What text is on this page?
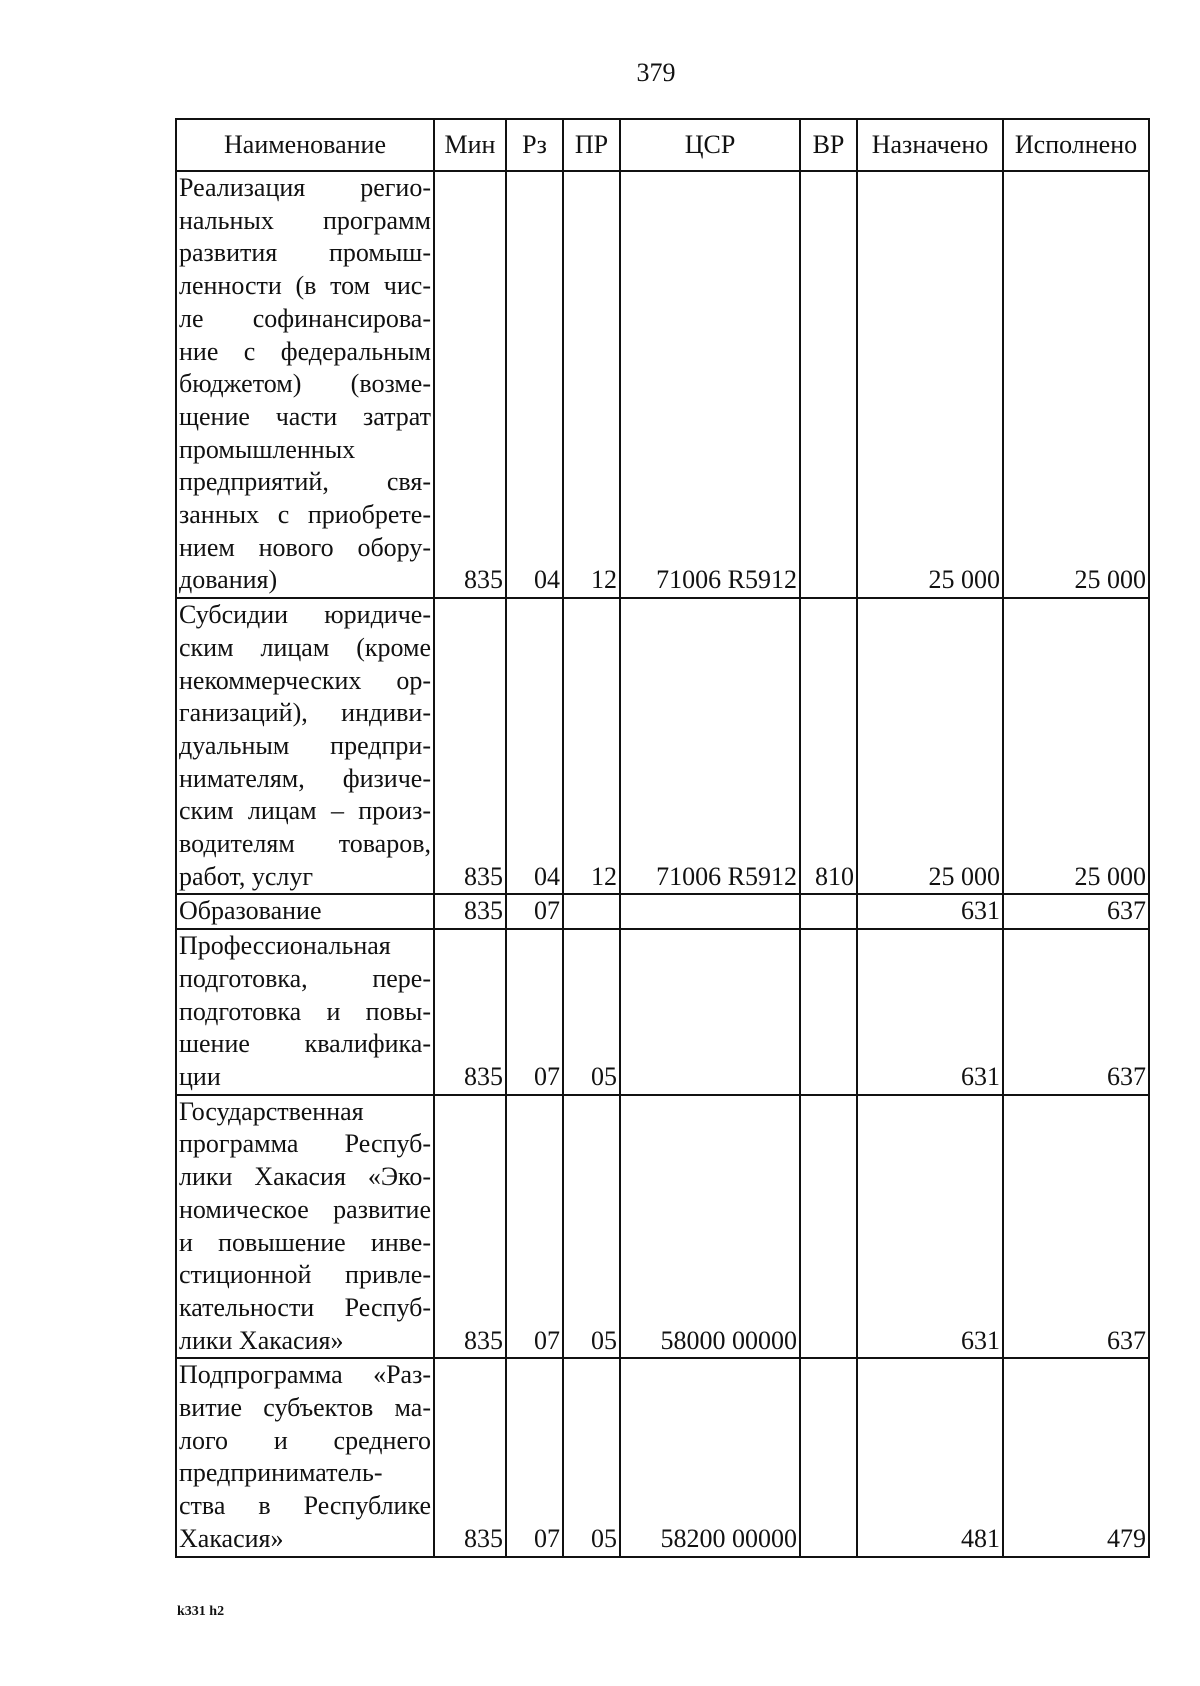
379
Наименование	Мин	Рз	ПР	ЦСР	ВР	Назначено	Исполнено
Реализация регио- нальных программ развития промыш- ленности (в том чис- ле софинансирова- ние с федеральным бюджетом) (возме- щение части затрат промышленных предприятий, свя- занных с приобрете- нием нового обору- дования)	835	04	12	71006 R5912		25 000	25 000
Субсидии юридиче- ским лицам (кроме некоммерческих ор- ганизаций), индиви- дуальным предпри- нимателям, физиче- ским лицам – произ- водителям товаров, работ, услуг	835	04	12	71006 R5912	810	25 000	25 000
Образование	835	07				631	637
Профессиональная подготовка, пере- подготовка и повы- шение квалифика- ции	835	07	05			631	637
Государственная программа Респуб- лики Хакасия «Эко- номическое развитие и повышение инве- стиционной привле- кательности Респуб- лики Хакасия»	835	07	05	58000 00000		631	637
Подпрограмма «Раз- витие субъектов ма- лого и среднего предприниматель- ства в Республике Хакасия»	835	07	05	58200 00000		481	479
k331 h2
